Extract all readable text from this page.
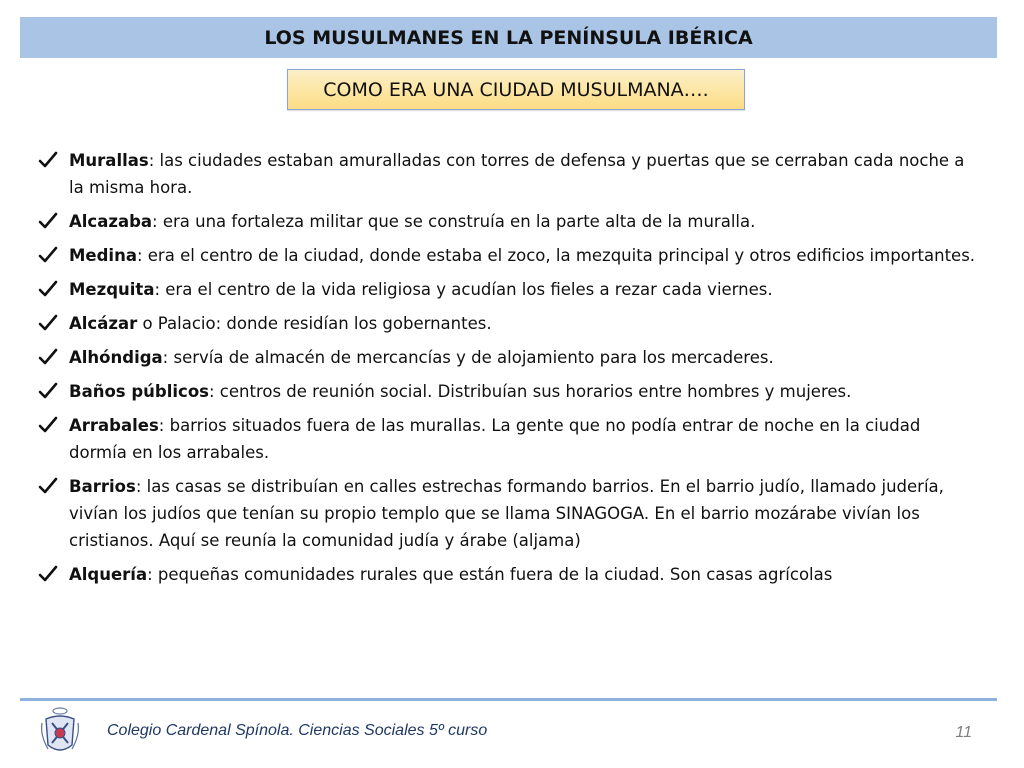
LOS MUSULMANES EN LA PENÍNSULA IBÉRICA
COMO ERA UNA CIUDAD MUSULMANA….
Murallas: las ciudades estaban amuralladas con torres de defensa y puertas que se cerraban cada noche a la misma hora.
Alcazaba: era una fortaleza militar que se construía en la parte alta de la muralla.
Medina: era el centro de la ciudad, donde estaba el zoco, la mezquita principal y otros edificios importantes.
Mezquita: era el centro de la vida religiosa y acudían los fieles a rezar cada viernes.
Alcázar o Palacio: donde residían los gobernantes.
Alhóndiga: servía de almacén de mercancías y de alojamiento para los mercaderes.
Baños públicos: centros de reunión social. Distribuían sus horarios entre hombres y mujeres.
Arrabales: barrios situados fuera de las murallas. La gente que no podía entrar de noche en la ciudad dormía en los arrabales.
Barrios: las casas se distribuían en calles estrechas formando barrios. En el barrio judío, llamado judería, vivían los judíos que tenían su propio templo que se llama SINAGOGA. En el barrio mozárabe vivían los cristianos. Aquí se reunía la comunidad judía y árabe (aljama)
Alquería: pequeñas comunidades rurales que están fuera de la ciudad. Son casas agrícolas
Colegio Cardenal Spínola. Ciencias Sociales 5º curso	11
